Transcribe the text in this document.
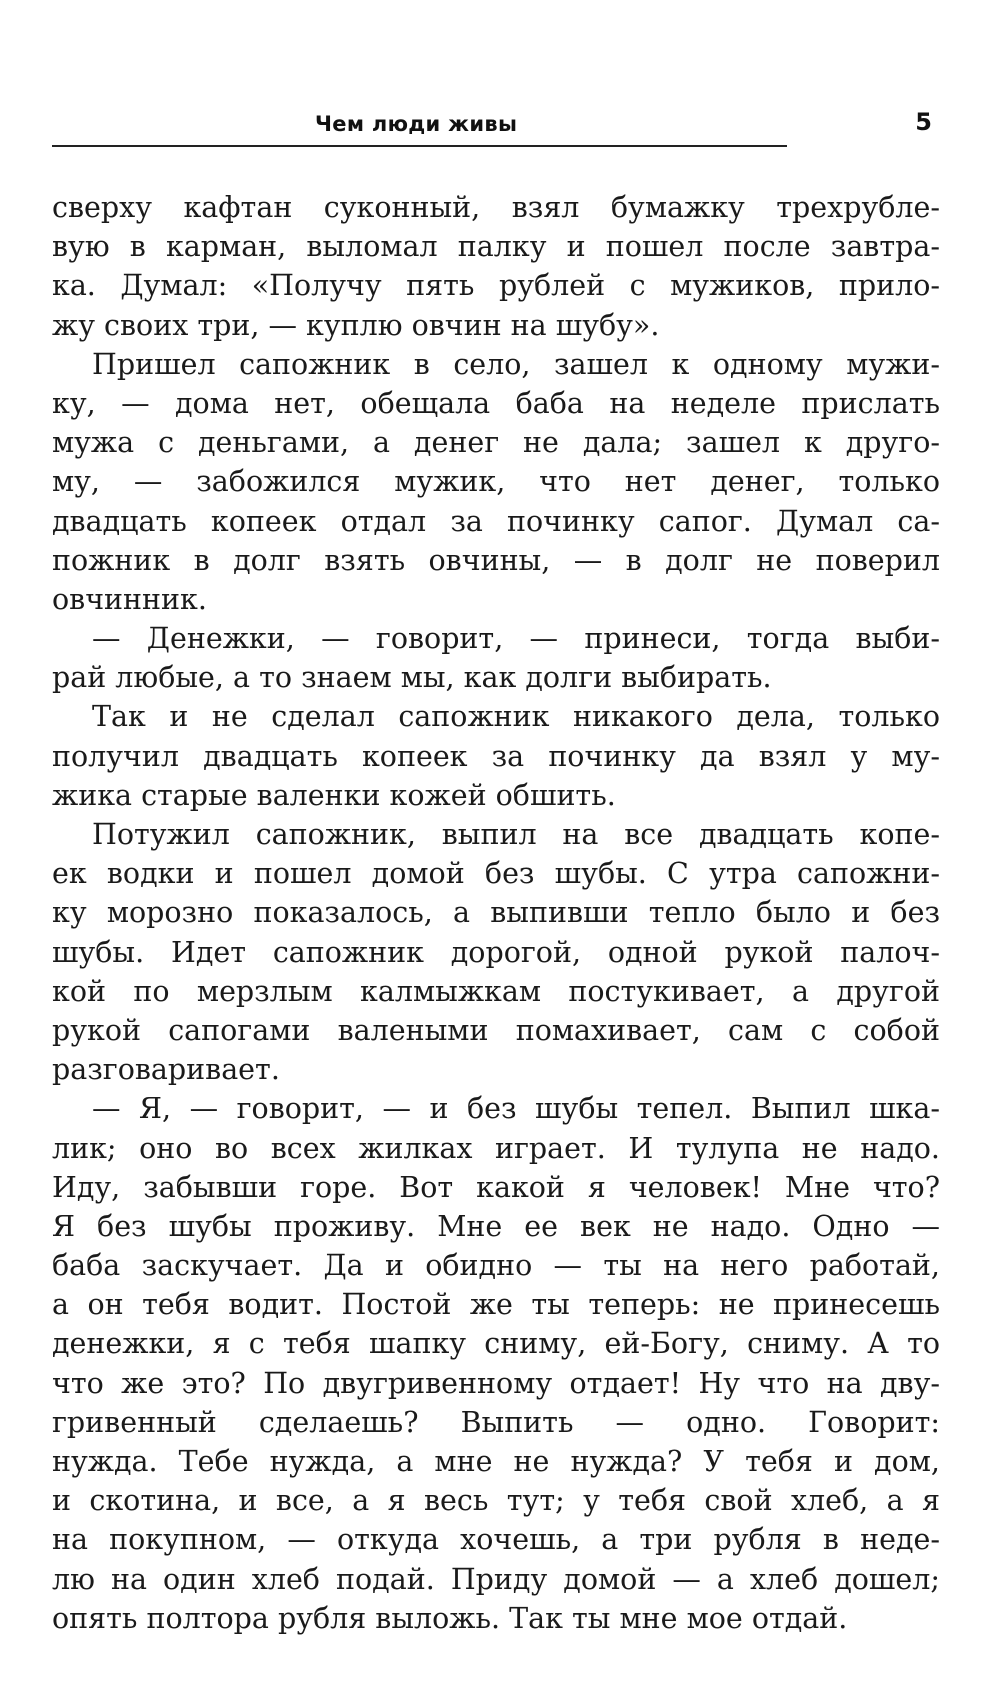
Чем люди живы	5
сверху кафтан суконный, взял бумажку трехрубле-
вую в карман, выломал палку и пошел после завтра-
ка. Думал: «Получу пять рублей с мужиков, прило-
жу своих три, — куплю овчин на шубу».
Пришел сапожник в село, зашел к одному мужи-
ку, — дома нет, обещала баба на неделе прислать
мужа с деньгами, а денег не дала; зашел к друго-
му, — забожился мужик, что нет денег, только
двадцать копеек отдал за починку сапог. Думал са-
пожник в долг взять овчины, — в долг не поверил
овчинник.
— Денежки, — говорит, — принеси, тогда выби-
рай любые, а то знаем мы, как долги выбирать.
Так и не сделал сапожник никакого дела, только
получил двадцать копеек за починку да взял у му-
жика старые валенки кожей обшить.
Потужил сапожник, выпил на все двадцать копе-
ек водки и пошел домой без шубы. С утра сапожни-
ку морозно показалось, а выпивши тепло было и без
шубы. Идет сапожник дорогой, одной рукой палоч-
кой по мерзлым калмыжкам постукивает, а другой
рукой сапогами валеными помахивает, сам с собой
разговаривает.
— Я, — говорит, — и без шубы тепел. Выпил шка-
лик; оно во всех жилках играет. И тулупа не надо.
Иду, забывши горе. Вот какой я человек! Мне что?
Я без шубы проживу. Мне ее век не надо. Одно —
баба заскучает. Да и обидно — ты на него работай,
а он тебя водит. Постой же ты теперь: не принесешь
денежки, я с тебя шапку сниму, ей-Богу, сниму. А то
что же это? По двугривенному отдает! Ну что на дву-
гривенный сделаешь? Выпить — одно. Говорит:
нужда. Тебе нужда, а мне не нужда? У тебя и дом,
и скотина, и все, а я весь тут; у тебя свой хлеб, а я
на покупном, — откуда хочешь, а три рубля в неде-
лю на один хлеб подай. Приду домой — а хлеб дошел;
опять полтора рубля выложь. Так ты мне мое отдай.
